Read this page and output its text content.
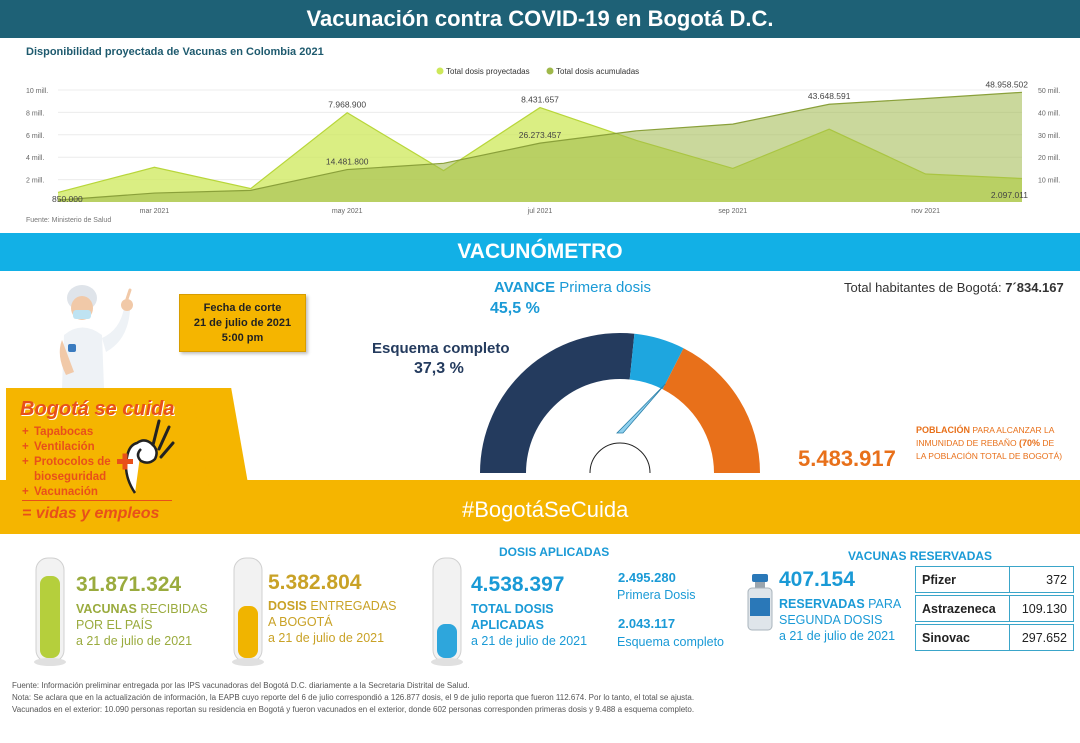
Vacunación contra COVID-19 en Bogotá D.C.
Disponibilidad proyectada de Vacunas en Colombia 2021
2 mill.
4 mill.
6 mill.
8 mill.
10 mill.
10 mill.
20 mill.
30 mill.
40 mill.
50 mill.
mar 2021	may 2021	jul 2021	sep 2021	nov 2021
850.000
7.968.900
8.431.657
2.097.011
14.481.800
26.273.457
43.648.591
48.958.502
Total dosis proyectadas	Total dosis acumuladas
Fuente: Ministerio de Salud
VACUNÓMETRO
Fecha de corte
21 de julio de 2021
5:00 pm
AVANCE Primera dosis
45,5 %
Esquema completo
37,3 %
Total habitantes de Bogotá: 7´834.167
5.483.917
POBLACIÓN PARA ALCANZAR LA INMUNIDAD DE REBAÑO (70% DE LA POBLACIÓN TOTAL DE BOGOTÁ)
Bogotá se cuida
+ Tapabocas
+ Ventilación
+ Protocolos de
bioseguridad
+ Vacunación
= vidas y empleos	#BogotáSeCuida
31.871.324
VACUNAS RECIBIDAS
POR EL PAÍS
a 21 de julio de 2021
5.382.804
DOSIS ENTREGADAS
A BOGOTÁ
a 21 de julio de 2021
DOSIS APLICADAS
4.538.397
TOTAL DOSIS
APLICADAS
a 21 de julio de 2021
2.495.280
Primera Dosis
2.043.117
Esquema completo
VACUNAS RESERVADAS
407.154
RESERVADAS PARA
SEGUNDA DOSIS
a 21 de julio de 2021
Pfizer	372

Astrazeneca	109.130

Sinovac	297.652
Fuente: Información preliminar entregada por las IPS vacunadoras del Bogotá D.C. diariamente a la Secretaria Distrital de Salud.
Nota: Se aclara que en la actualización de información, la EAPB cuyo reporte del 6 de julio correspondió a 126.877 dosis, el 9 de julio reporta que fueron 112.674. Por lo tanto, el total se ajusta.
Vacunados en el exterior: 10.090 personas reportan su residencia en Bogotá y fueron vacunados en el exterior, donde 602 personas corresponden primeras dosis y 9.488 a esquema completo.
